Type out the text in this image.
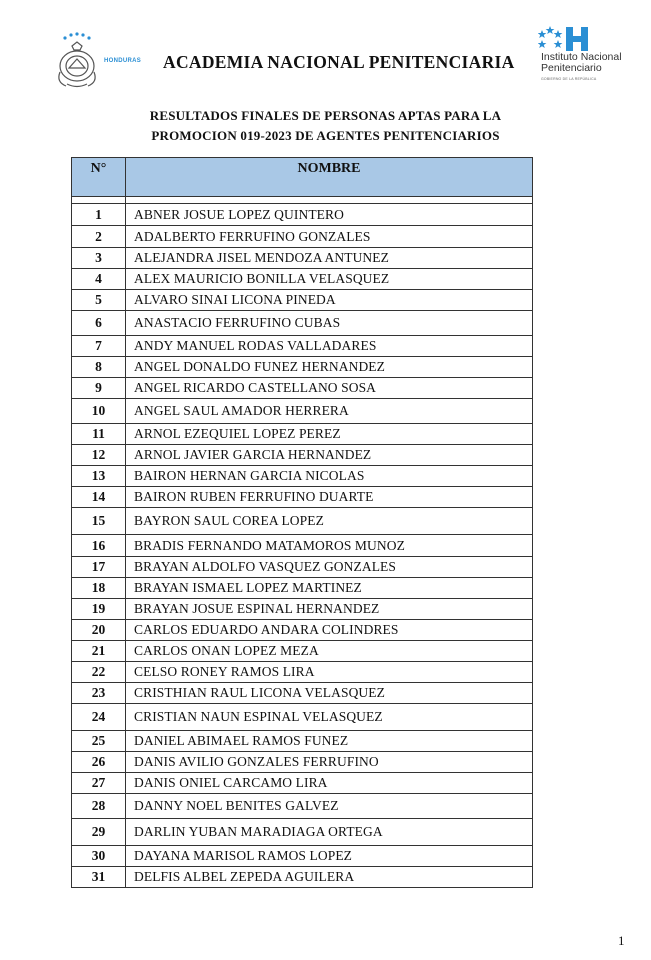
HONDURAS ACADEMIA NACIONAL PENITENCIARIA	Instituto Nacional
Penitenciario
GOBIERNO DE LA REPÚBLICA
RESULTADOS FINALES DE PERSONAS APTAS PARA LA
PROMOCION 019-2023 DE AGENTES PENITENCIARIOS
N°	NOMBRE

1	ABNER JOSUE LOPEZ QUINTERO
2	ADALBERTO FERRUFINO GONZALES
3	ALEJANDRA JISEL MENDOZA ANTUNEZ
4	ALEX MAURICIO BONILLA VELASQUEZ
5	ALVARO SINAI LICONA PINEDA
6	ANASTACIO FERRUFINO CUBAS
7	ANDY MANUEL RODAS VALLADARES
8	ANGEL DONALDO FUNEZ HERNANDEZ
9	ANGEL RICARDO CASTELLANO SOSA
10	ANGEL SAUL AMADOR HERRERA
11	ARNOL EZEQUIEL LOPEZ PEREZ
12	ARNOL JAVIER GARCIA HERNANDEZ
13	BAIRON HERNAN GARCIA NICOLAS
14	BAIRON RUBEN FERRUFINO DUARTE
15	BAYRON SAUL COREA LOPEZ
16	BRADIS FERNANDO MATAMOROS MUNOZ
17	BRAYAN ALDOLFO VASQUEZ GONZALES
18	BRAYAN ISMAEL LOPEZ MARTINEZ
19	BRAYAN JOSUE ESPINAL HERNANDEZ
20	CARLOS EDUARDO ANDARA COLINDRES
21	CARLOS ONAN LOPEZ MEZA
22	CELSO RONEY RAMOS LIRA
23	CRISTHIAN RAUL LICONA VELASQUEZ
24	CRISTIAN NAUN ESPINAL VELASQUEZ
25	DANIEL ABIMAEL RAMOS FUNEZ
26	DANIS AVILIO GONZALES FERRUFINO
27	DANIS ONIEL CARCAMO LIRA
28	DANNY NOEL BENITES GALVEZ
29	DARLIN YUBAN MARADIAGA ORTEGA
30	DAYANA MARISOL RAMOS LOPEZ
31	DELFIS ALBEL ZEPEDA AGUILERA
1
